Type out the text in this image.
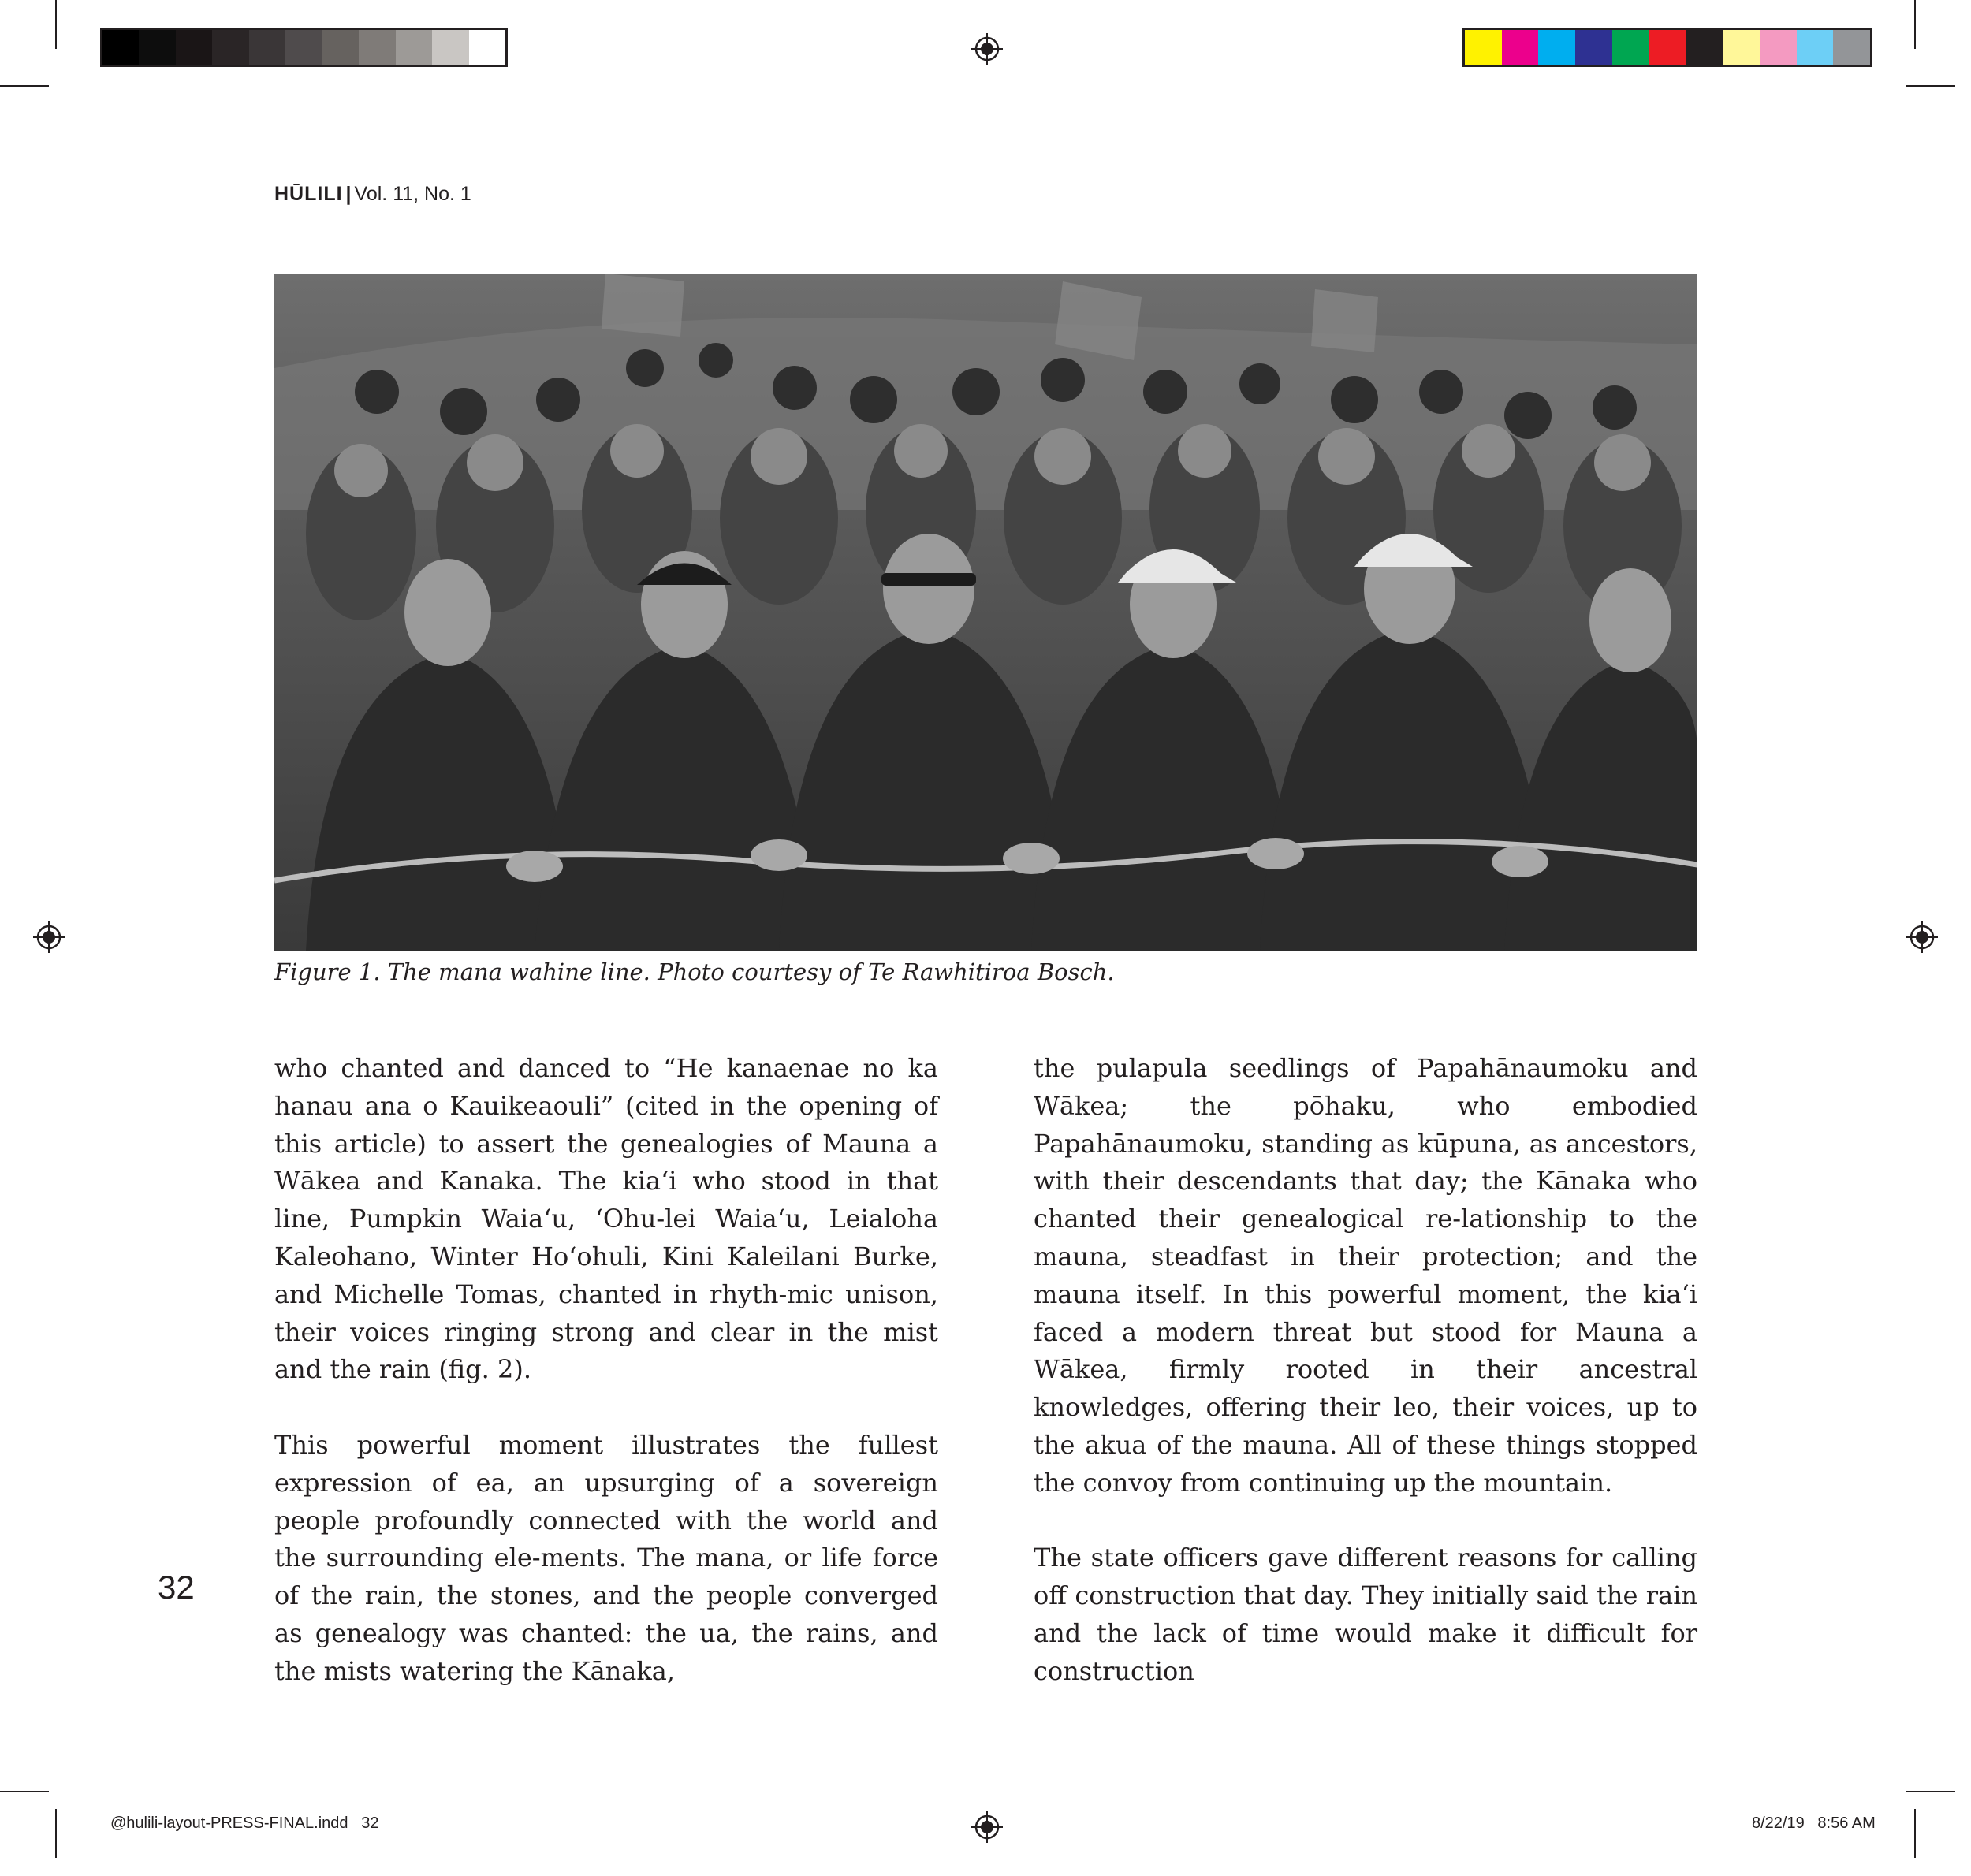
HŪLILI | Vol. 11, No. 1
Figure 1. The mana wahine line. Photo courtesy of Te Rawhitiroa Bosch.

who chanted and danced to “He kanaenae no ka hanau ana o Kauikeaouli” (cited in the opening of this article) to assert the genealogies of Mauna a Wākea and Kanaka. The kia‘i who stood in that line, Pumpkin Waia‘u, ‘Ohu-lei Waia‘u, Leialoha Kaleohano, Winter Ho‘ohuli, Kini Kaleilani Burke, and Michelle Tomas, chanted in rhyth-mic unison, their voices ringing strong and clear in the mist and the rain (fig. 2).

This powerful moment illustrates the fullest expression of ea, an upsurging of a sovereign people profoundly connected with the world and the surrounding ele-ments. The mana, or life force of the rain, the stones, and the people converged as genealogy was chanted: the ua, the rains, and the mists watering the Kānaka,

the pulapula seedlings of Papahānaumoku and Wākea; the pōhaku, who embodied Papahānaumoku, standing as kūpuna, as ancestors, with their descendants that day; the Kānaka who chanted their genealogical re-lationship to the mauna, steadfast in their protection; and the mauna itself. In this powerful moment, the kia‘i faced a modern threat but stood for Mauna a Wākea, firmly rooted in their ancestral knowledges, offering their leo, their voices, up to the akua of the mauna. All of these things stopped the convoy from continuing up the mountain.

The state officers gave different reasons for calling off construction that day. They initially said the rain and the lack of time would make it difficult for construction

32
@hulili-layout-PRESS-FINAL.indd   32	8/22/19   8:56 AM
